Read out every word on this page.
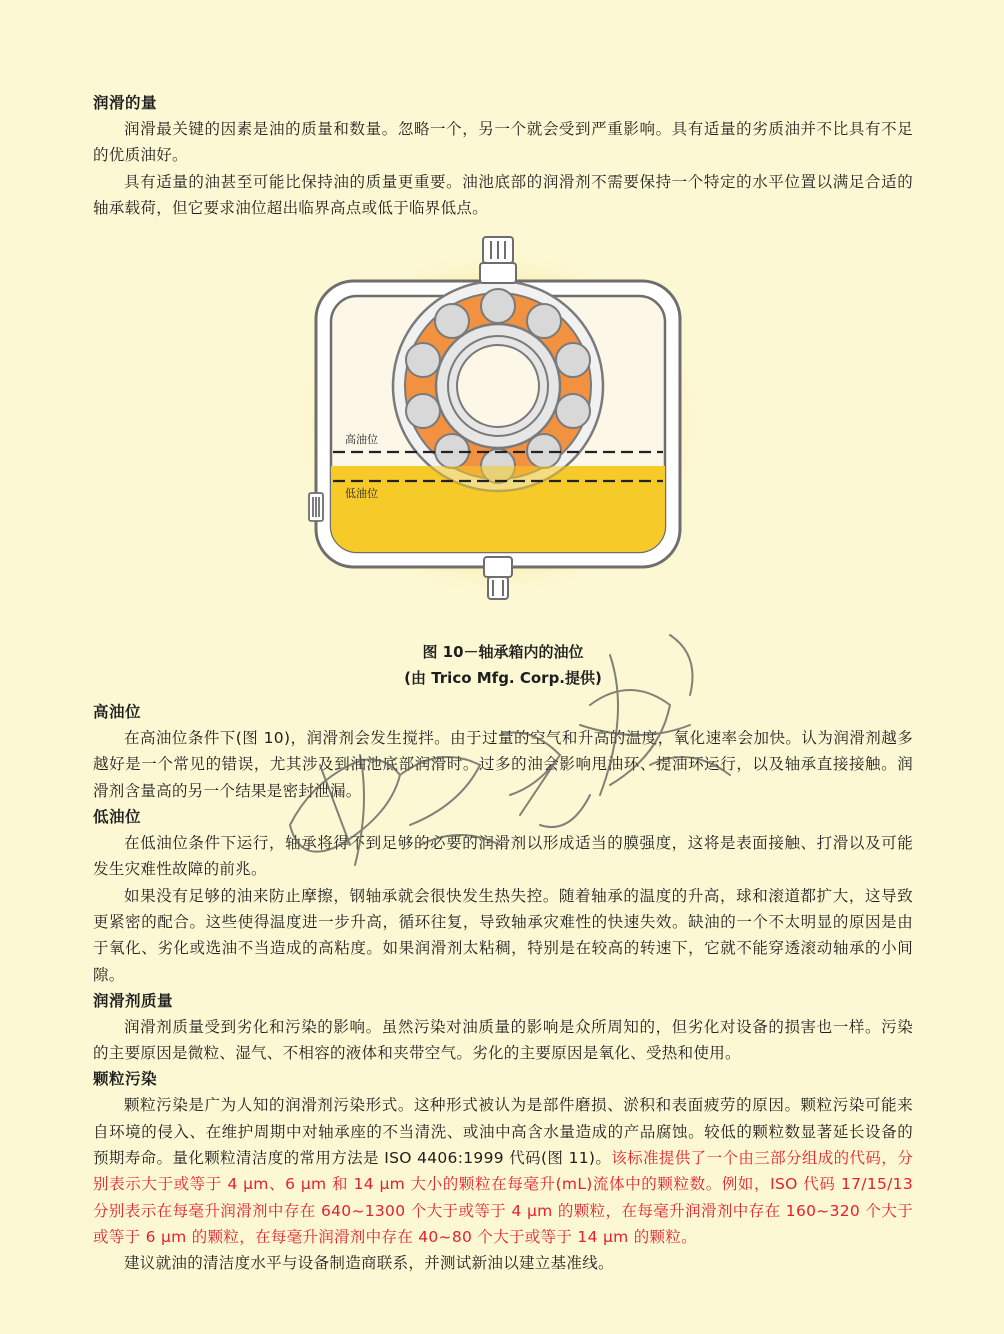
润滑的量

润滑最关键的因素是油的质量和数量。忽略一个，另一个就会受到严重影响。具有适量的劣质油并不比具有不足的优质油好。

具有适量的油甚至可能比保持油的质量更重要。油池底部的润滑剂不需要保持一个特定的水平位置以满足合适的轴承载荷，但它要求油位超出临界高点或低于临界低点。

高油位
低油位

图 10－轴承箱内的油位

(由 Trico Mfg. Corp.提供)

高油位

在高油位条件下(图 10)，润滑剂会发生搅拌。由于过量的空气和升高的温度，氧化速率会加快。认为润滑剂越多越好是一个常见的错误，尤其涉及到油池底部润滑时。过多的油会影响甩油环、提油环运行，以及轴承直接接触。润滑剂含量高的另一个结果是密封泄漏。

低油位

在低油位条件下运行，轴承将得不到足够的必要的润滑剂以形成适当的膜强度，这将是表面接触、打滑以及可能发生灾难性故障的前兆。

如果没有足够的油来防止摩擦，钢轴承就会很快发生热失控。随着轴承的温度的升高，球和滚道都扩大，这导致更紧密的配合。这些使得温度进一步升高，循环往复，导致轴承灾难性的快速失效。缺油的一个不太明显的原因是由于氧化、劣化或选油不当造成的高粘度。如果润滑剂太粘稠，特别是在较高的转速下，它就不能穿透滚动轴承的小间隙。

润滑剂质量

润滑剂质量受到劣化和污染的影响。虽然污染对油质量的影响是众所周知的，但劣化对设备的损害也一样。污染的主要原因是微粒、湿气、不相容的液体和夹带空气。劣化的主要原因是氧化、受热和使用。

颗粒污染

颗粒污染是广为人知的润滑剂污染形式。这种形式被认为是部件磨损、淤积和表面疲劳的原因。颗粒污染可能来自环境的侵入、在维护周期中对轴承座的不当清洗、或油中高含水量造成的产品腐蚀。较低的颗粒数显著延长设备的预期寿命。量化颗粒清洁度的常用方法是 ISO 4406:1999 代码(图 11)。该标准提供了一个由三部分组成的代码，分别表示大于或等于 4 μm、6 μm 和 14 μm 大小的颗粒在每毫升(mL)流体中的颗粒数。例如，ISO 代码 17/15/13 分别表示在每毫升润滑剂中存在 640~1300 个大于或等于 4 μm 的颗粒，在每毫升润滑剂中存在 160~320 个大于或等于 6 μm 的颗粒，在每毫升润滑剂中存在 40~80 个大于或等于 14 μm 的颗粒。

建议就油的清洁度水平与设备制造商联系，并测试新油以建立基准线。
